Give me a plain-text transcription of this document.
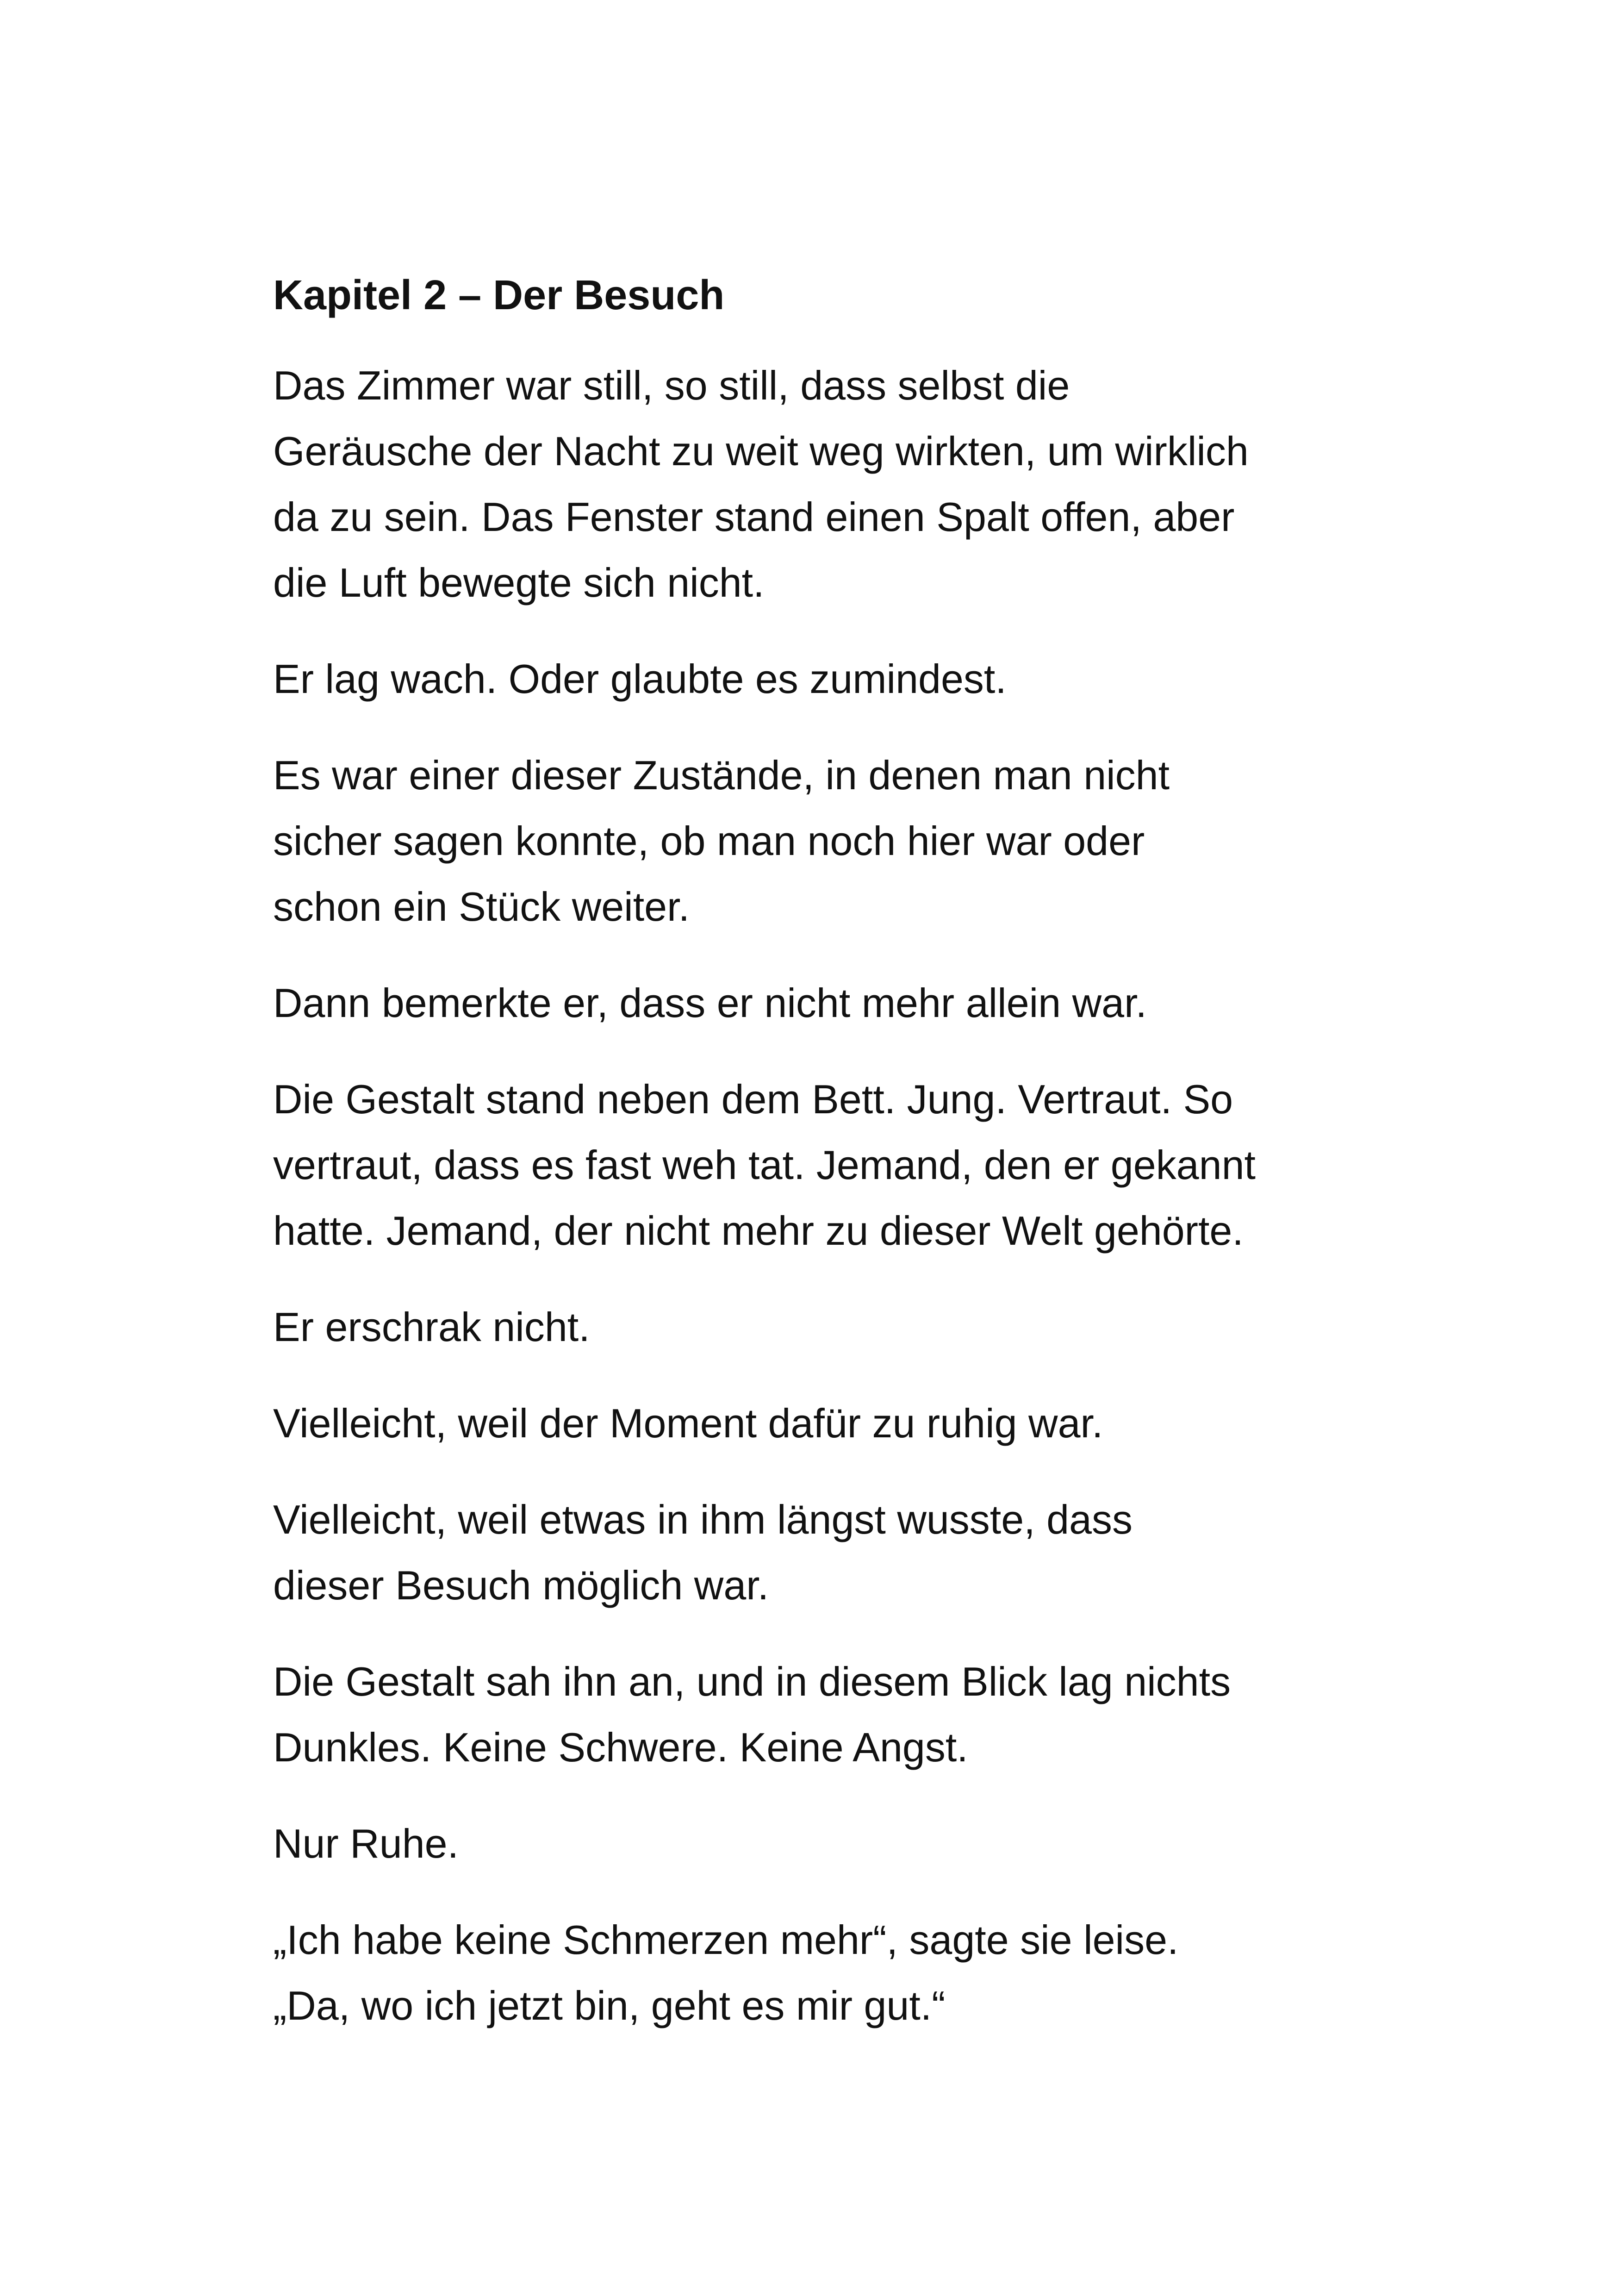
Kapitel 2 – Der Besuch

Das Zimmer war still, so still, dass selbst die
Geräusche der Nacht zu weit weg wirkten, um wirklich
da zu sein. Das Fenster stand einen Spalt offen, aber
die Luft bewegte sich nicht.

Er lag wach. Oder glaubte es zumindest.

Es war einer dieser Zustände, in denen man nicht
sicher sagen konnte, ob man noch hier war oder
schon ein Stück weiter.

Dann bemerkte er, dass er nicht mehr allein war.

Die Gestalt stand neben dem Bett. Jung. Vertraut. So
vertraut, dass es fast weh tat. Jemand, den er gekannt
hatte. Jemand, der nicht mehr zu dieser Welt gehörte.

Er erschrak nicht.

Vielleicht, weil der Moment dafür zu ruhig war.

Vielleicht, weil etwas in ihm längst wusste, dass
dieser Besuch möglich war.

Die Gestalt sah ihn an, und in diesem Blick lag nichts
Dunkles. Keine Schwere. Keine Angst.

Nur Ruhe.

„Ich habe keine Schmerzen mehr“, sagte sie leise.
„Da, wo ich jetzt bin, geht es mir gut.“
